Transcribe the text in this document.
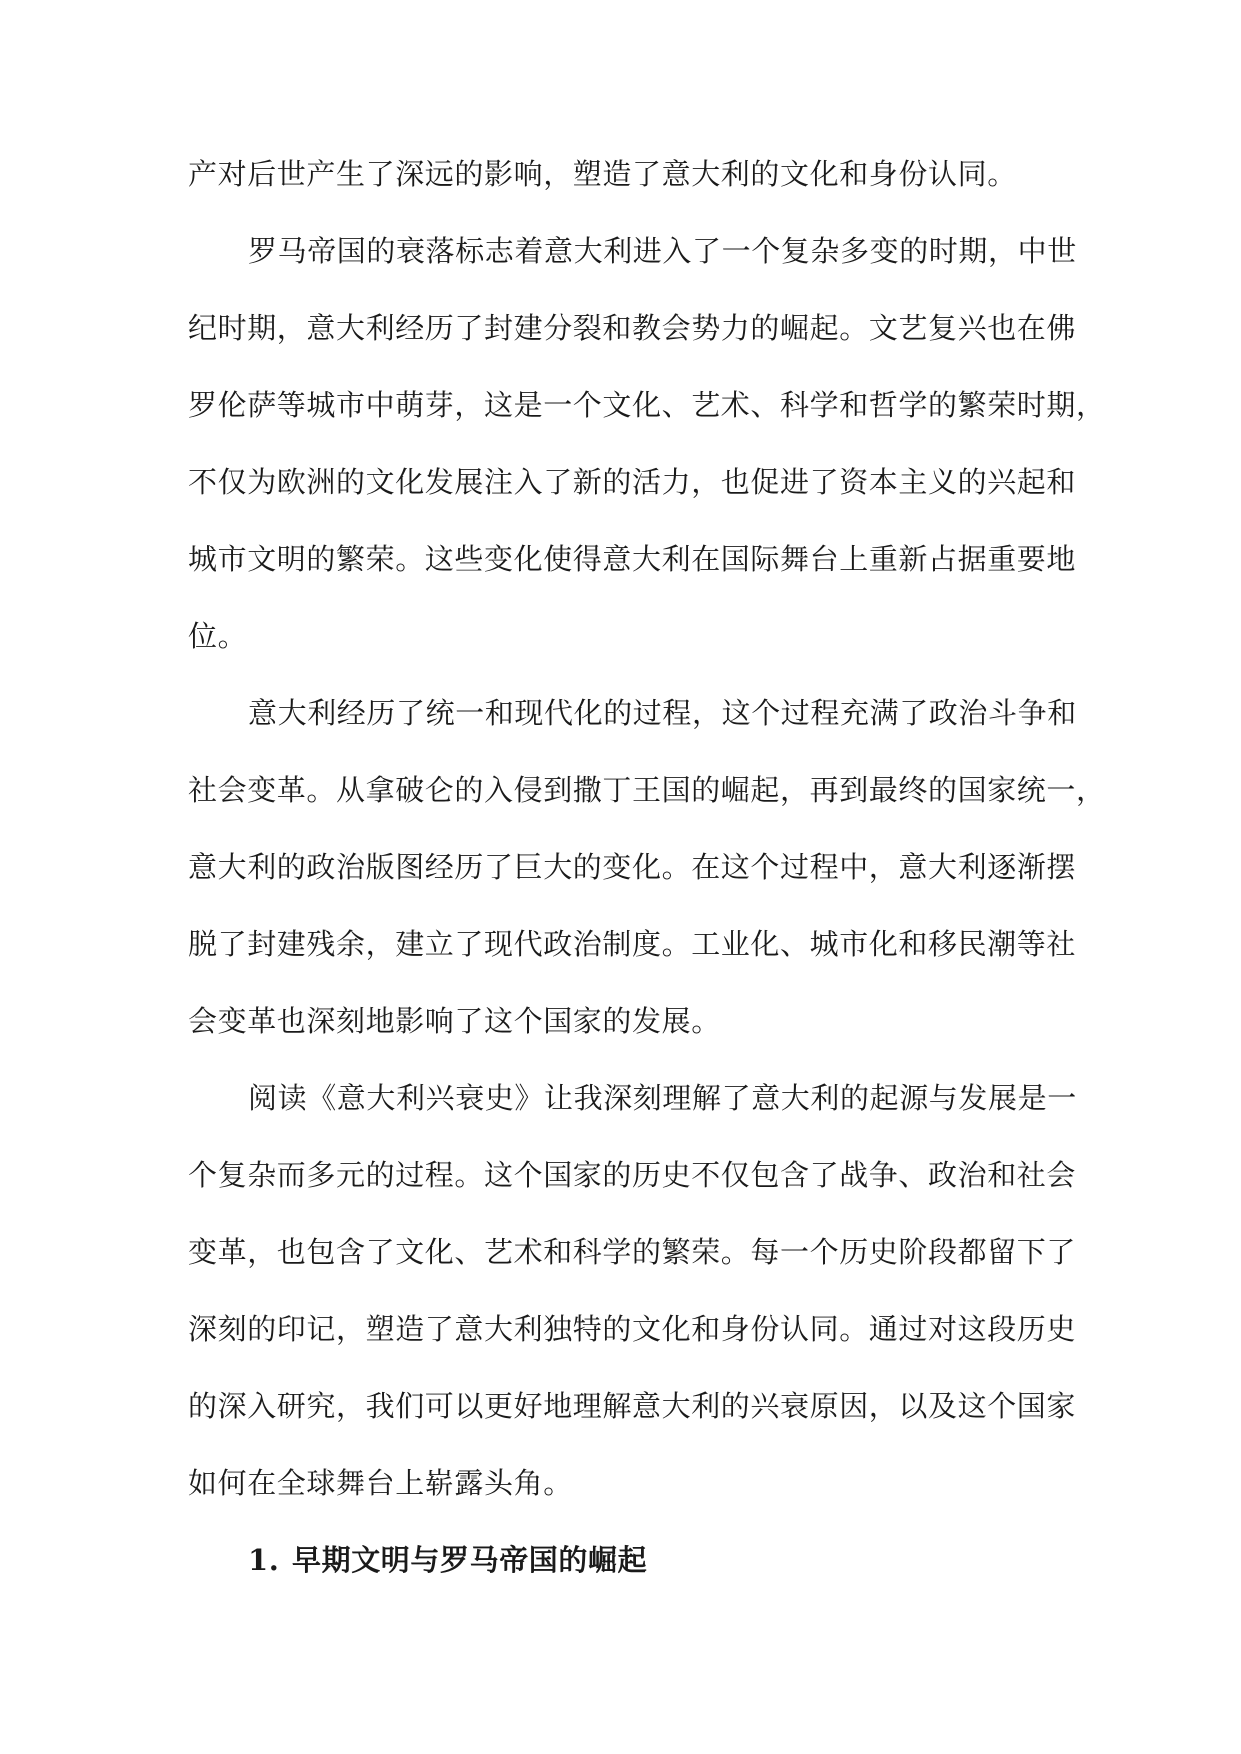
产对后世产生了深远的影响，塑造了意大利的文化和身份认同。
罗马帝国的衰落标志着意大利进入了一个复杂多变的时期，中世
纪时期，意大利经历了封建分裂和教会势力的崛起。文艺复兴也在佛
罗伦萨等城市中萌芽，这是一个文化、艺术、科学和哲学的繁荣时期，
不仅为欧洲的文化发展注入了新的活力，也促进了资本主义的兴起和
城市文明的繁荣。这些变化使得意大利在国际舞台上重新占据重要地
位。
意大利经历了统一和现代化的过程，这个过程充满了政治斗争和
社会变革。从拿破仑的入侵到撒丁王国的崛起，再到最终的国家统一，
意大利的政治版图经历了巨大的变化。在这个过程中，意大利逐渐摆
脱了封建残余，建立了现代政治制度。工业化、城市化和移民潮等社
会变革也深刻地影响了这个国家的发展。
阅读《意大利兴衰史》让我深刻理解了意大利的起源与发展是一
个复杂而多元的过程。这个国家的历史不仅包含了战争、政治和社会
变革，也包含了文化、艺术和科学的繁荣。每一个历史阶段都留下了
深刻的印记，塑造了意大利独特的文化和身份认同。通过对这段历史
的深入研究，我们可以更好地理解意大利的兴衰原因，以及这个国家
如何在全球舞台上崭露头角。
1. 早期文明与罗马帝国的崛起
